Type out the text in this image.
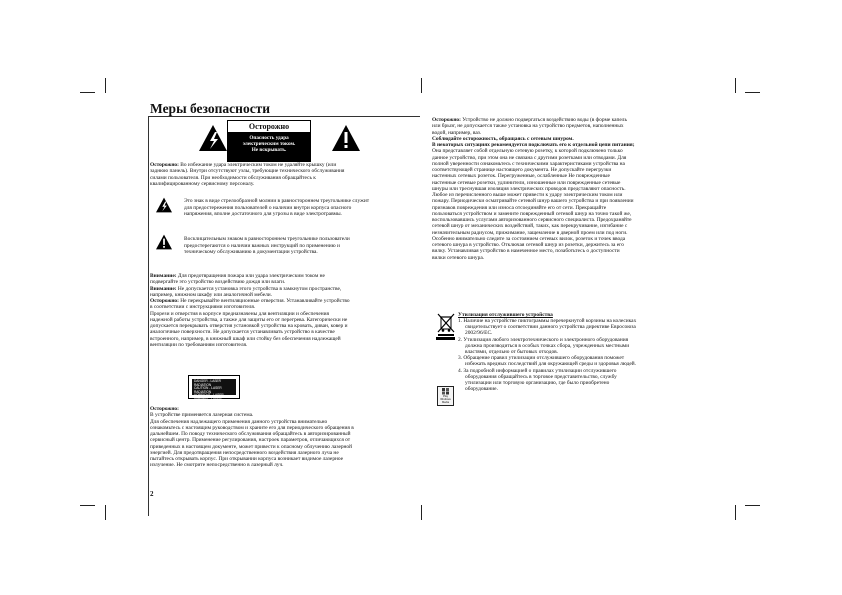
Меры безопасности
Осторожно
Опасность удара
электрическим током.
Не вскрывать.

Осторожно: Во избежание удара электрическим током не удаляйте крышку (или

заднюю панель). Внутри отсутствуют узлы, требующие технического обслуживания

силами пользователя. При необходимости обслуживания обращайтесь к

квалифицированному сервисному персоналу.

Это знак в виде стрелообразной молнии в равностороннем треугольнике служит
для предостережения пользователей о наличии внутри корпуса опасного
напряжения, вполне достаточного для угрозы в виде электротравмы.
Восклицательным знаком в равностороннем треугольнике пользователи
предостерегаются о наличии важных инструкций по применению и
техническому обслуживанию в документации устройства.

Внимание: Для предотвращения пожара или удара электрическим током не

подвергайте это устройство воздействию дождя или влаги.

Внимание: Не допускается установка этого устройства в замкнутом пространстве,

например, книжном шкафу или аналогичной мебели.

Осторожно: Не перекрывайте вентиляционные отверстия. Устанавливайте устройство

в соответствии с инструкциями изготовителя.

Прорези и отверстия в корпусе предназначены для вентиляции и обеспечения

надежной работы устройства, а также для защиты его от перегрева. Категорически не

допускается перекрывать отверстия установкой устройства на кровать, диван, ковер и

аналогичные поверхности. Не допускается устанавливать устройство в качестве

встроенного, например, в книжный шкаф или стойку без обеспечения надлежащей

вентиляции по требованиям изготовителя.

DANGER - LASER RADIATION
CAUTION - LASER RADIATION
VORSICHT - LASER
VARNING - LASER

Осторожно:

В устройстве применяется лазерная система.

Для обеспечения надлежащего применения данного устройства внимательно

ознакомьтесь с настоящим руководством и храните его для периодического обращения в

дальнейшем. По поводу технического обслуживания обращайтесь в авторизированный

сервисный центр. Применение регулирования, настроек параметров, отличающихся от

приведенных в настоящем документе, может привести к опасному облучению лазерной

энергией. Для предотвращения непосредственного воздействия лазерного луча не

пытайтесь открывать корпус. При открывании корпуса возникает видимое лазерное

излучение. Не смотрите непосредственно в лазерный луч.

2

Осторожно: Устройство не должно подвергаться воздействию воды (в форме капель

или брызг, не допускается также установка на устройство предметов, наполненных

водой, например, ваз.

Соблюдайте осторожность, обращаясь с сетевым шнуром.

В некоторых ситуациях рекомендуется подключать его к отдельной цепи питания;

Она представляет собой отдельную сетевую розетку, к которой подключено только

данное устройство, при этом она не связана с другими розетками или отводами. Для

полной уверенности ознакомьтесь с техническими характеристиками устройства на

соответствующей странице настоящего документа. Не допускайте перегрузки

настенных сетевых розеток. Перегруженные, ослабленные Не поврежденные

настенные сетевые розетки, удлинители, изношенные или поврежденные сетевые

шнуры или треснувшая изоляция электрических проводов представляют опасность.

Любое из перечисленного выше может привести к удару электрическим током или

пожару. Периодически осматривайте сетевой шнур вашего устройства и при появлении

признаков повреждения или износа отсоединяйте его от сети. Прекращайте

пользоваться устройством и замените поврежденный сетевой шнур на точно такой же,

воспользовавшись услугами авторизованного сервисного специалиста. Предохраняйте

сетевой шнур от механических воздействий, таких, как перекручивание, изгибание с

незначительным радиусом, прижимание, защемление в дверной проем или под ноги.

Особенно внимательно следите за состоянием сетевых вилок, розеток и точек ввода

сетевого шнура в устройство. Отключая сетевой шнур из розетки, держитесь за его

вилку. Устанавливая устройство в намеченное место, позаботьтесь о доступности

вилки сетевого шнура.

Утилизация отслужившего устройства
1. Наличие на устройстве пиктограммы перечеркнутой корзины на колесиках
свидетельствует о соответствии данного устройства директиве Евросоюза
2002/96/EC.
2. Утилизация любого электротехнического и электронного оборудования
должна производиться в особых точках сбора, учрежденных местными
властями, отдельно от бытовых отходов.
3. Обращение правил утилизации отслужившего оборудования поможет
избежать вредных последствий для окружающей среды и здоровья людей.
4. За подробной информацией о правилах утилизации отслужившего
оборудования обращайтесь в торговое представительство, службу
утилизации или торговую организацию, где было приобретено
оборудование.
Play
Windows
Media
